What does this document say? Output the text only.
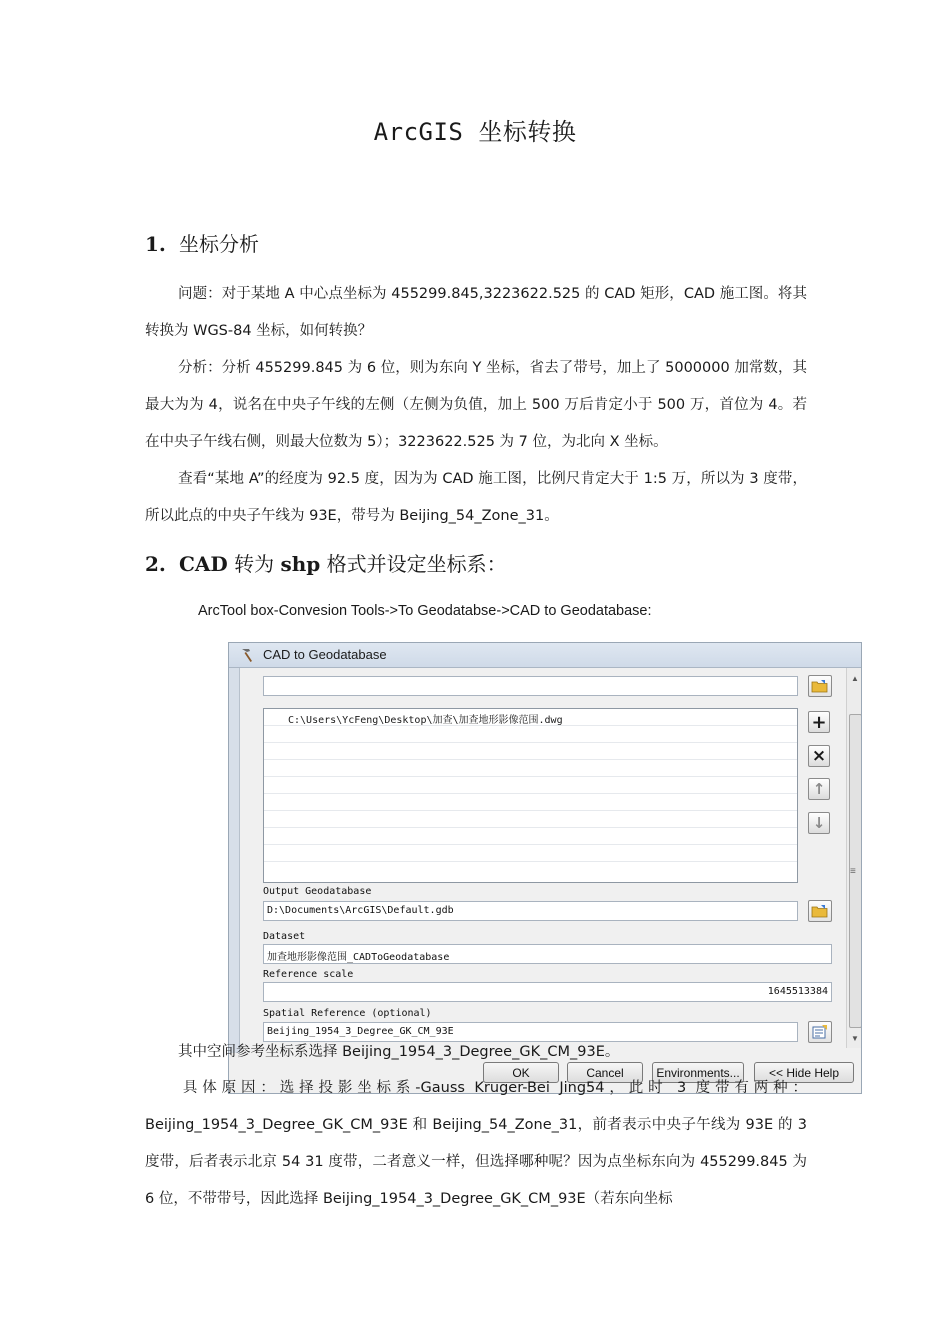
ArcGIS 坐标转换
1. 坐标分析
问题：对于某地 A 中心点坐标为 455299.845,3223622.525 的 CAD 矩形，CAD 施工图。将其转换为 WGS-84 坐标，如何转换？
分析：分析 455299.845 为 6 位，则为东向 Y 坐标，省去了带号，加上了 5000000 加常数，其最大为为 4，说名在中央子午线的左侧（左侧为负值，加上 500 万后肯定小于 500 万，首位为 4。若在中央子午线右侧，则最大位数为 5）；3223622.525 为 7 位，为北向 X 坐标。
查看“某地 A”的经度为 92.5 度，因为为 CAD 施工图，比例尺肯定大于 1:5 万，所以为 3 度带，所以此点的中央子午线为 93E，带号为 Beijing_54_Zone_31。
2. CAD 转为 shp 格式并设定坐标系：
ArcTool box-Convesion Tools->To Geodatabse->CAD to Geodatabase:
CAD to Geodatabase
C:\Users\YcFeng\Desktop\加查\加查地形影像范围.dwg	+
×
↑
↓
Output Geodatabase
D:\Documents\ArcGIS\Default.gdb
Dataset
加查地形影像范围_CADToGeodatabase
Reference scale
1645513384
Spatial Reference (optional)
Beijing_1954_3_Degree_GK_CM_93E
▲
≡
▼
OK	Cancel	Environments...	<< Hide Help
其中空间参考坐标系选择 Beijing_1954_3_Degree_GK_CM_93E。
具体原因：选择投影坐标系-Gauss Kruger-Bei Jing54，此时 3 度带有两种：Beijing_1954_3_Degree_GK_CM_93E 和 Beijing_54_Zone_31，前者表示中央子午线为 93E 的 3 度带，后者表示北京 54 31 度带，二者意义一样，但选择哪种呢？因为点坐标东向为 455299.845 为 6 位，不带带号，因此选择 Beijing_1954_3_Degree_GK_CM_93E（若东向坐标
